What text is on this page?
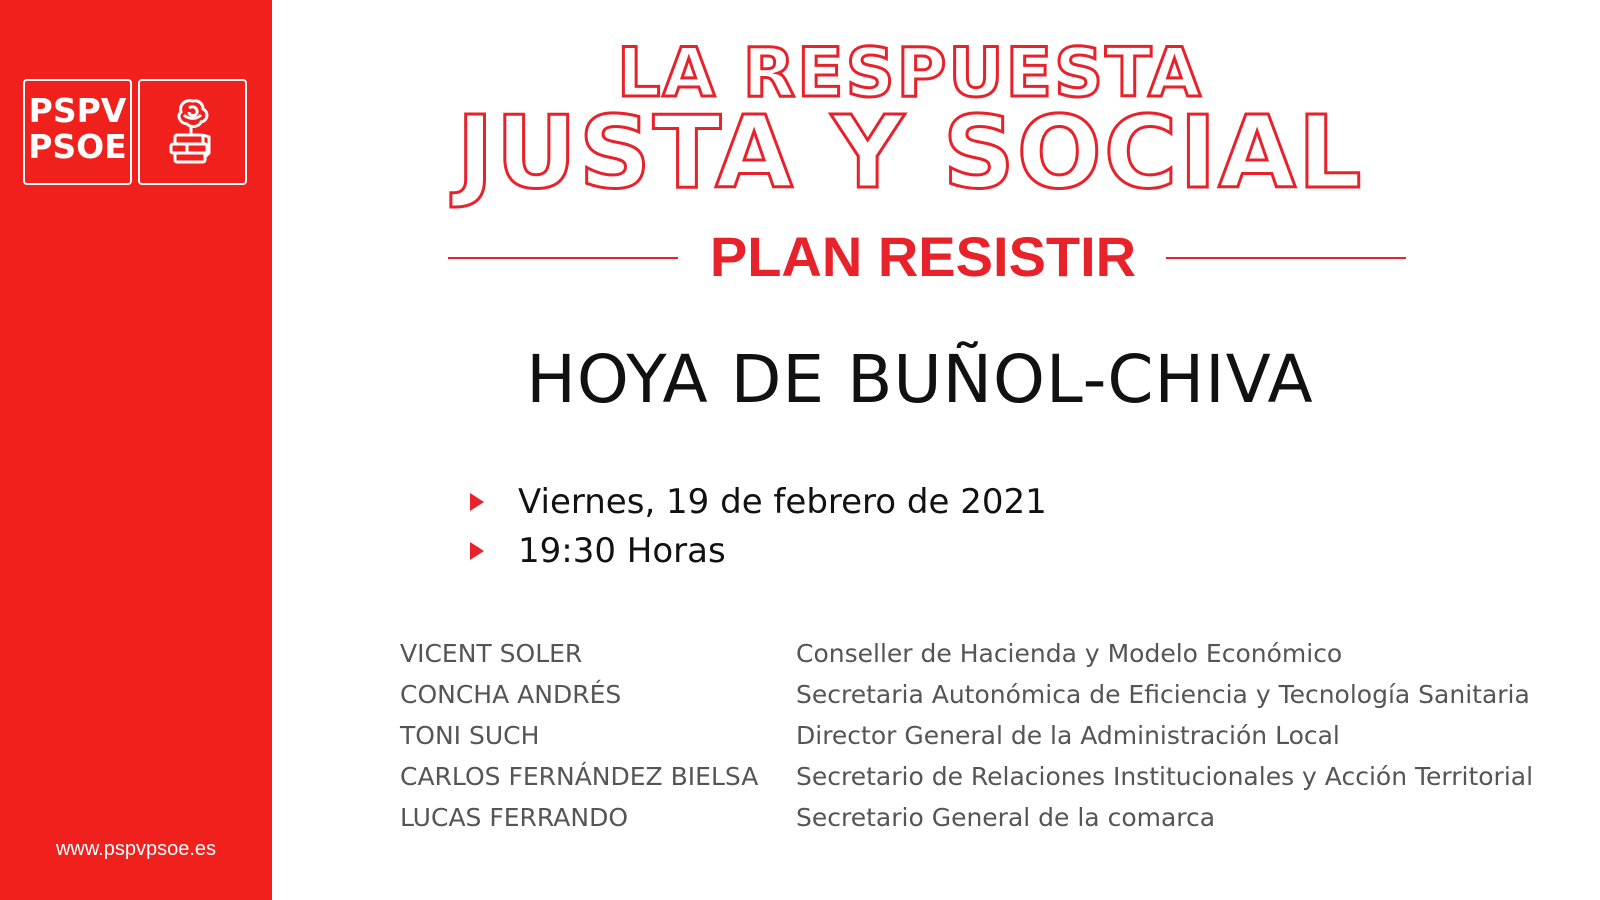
PSPV
PSOE
www.pspvpsoe.es
LA RESPUESTA
JUSTA Y SOCIAL
PLAN RESISTIR
HOYA DE BUÑOL-CHIVA
Viernes, 19 de febrero de 2021
19:30 Horas
VICENT SOLER	Conseller de Hacienda y Modelo Económico
CONCHA ANDRÉS	Secretaria Autonómica de Eficiencia y Tecnología Sanitaria
TONI SUCH	Director General de la Administración Local
CARLOS FERNÁNDEZ BIELSA	Secretario de Relaciones Institucionales y Acción Territorial
LUCAS FERRANDO	Secretario General de la comarca
